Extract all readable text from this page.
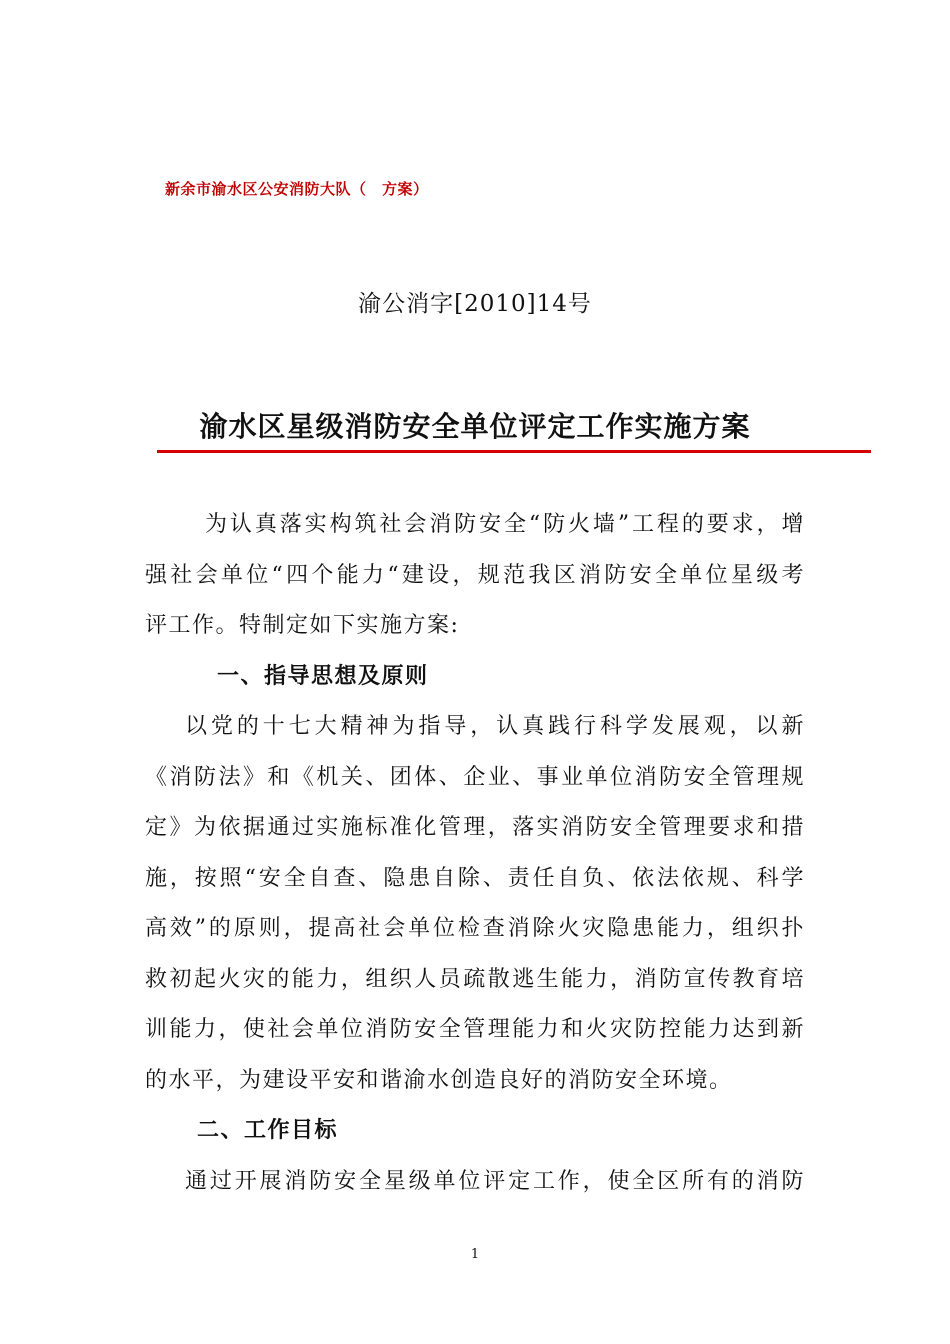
新余市渝水区公安消防大队（　方案）
渝公消字[2010]14号
渝水区星级消防安全单位评定工作实施方案
为认真落实构筑社会消防安全“防火墙”工程的要求，增
强社会单位“四个能力“建设，规范我区消防安全单位星级考
评工作。特制定如下实施方案:
一、指导思想及原则
以党的十七大精神为指导，认真践行科学发展观，以新
《消防法》和《机关、团体、企业、事业单位消防安全管理规
定》为依据通过实施标准化管理，落实消防安全管理要求和措
施，按照“安全自查、隐患自除、责任自负、依法依规、科学
高效”的原则，提高社会单位检查消除火灾隐患能力，组织扑
救初起火灾的能力，组织人员疏散逃生能力，消防宣传教育培
训能力，使社会单位消防安全管理能力和火灾防控能力达到新
的水平，为建设平安和谐渝水创造良好的消防安全环境。
二、工作目标
通过开展消防安全星级单位评定工作，使全区所有的消防
1
